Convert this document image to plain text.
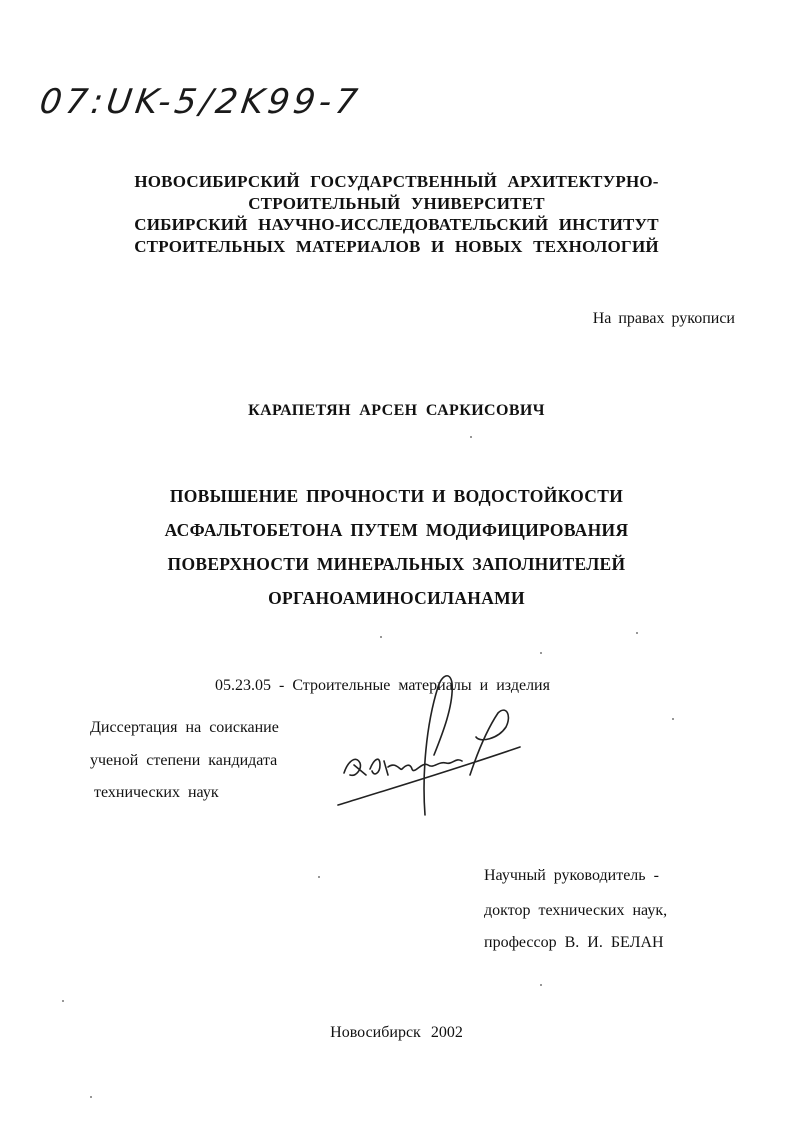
07:UK-5/2K99-7
НОВОСИБИРСКИЙ ГОСУДАРСТВЕННЫЙ АРХИТЕКТУРНО-
СТРОИТЕЛЬНЫЙ УНИВЕРСИТЕТ
СИБИРСКИЙ НАУЧНО-ИССЛЕДОВАТЕЛЬСКИЙ ИНСТИТУТ
СТРОИТЕЛЬНЫХ МАТЕРИАЛОВ И НОВЫХ ТЕХНОЛОГИЙ
На правах рукописи
КАРАПЕТЯН АРСЕН САРКИСОВИЧ
ПОВЫШЕНИЕ ПРОЧНОСТИ И ВОДОСТОЙКОСТИ
АСФАЛЬТОБЕТОНА ПУТЕМ МОДИФИЦИРОВАНИЯ
ПОВЕРХНОСТИ МИНЕРАЛЬНЫХ ЗАПОЛНИТЕЛЕЙ
ОРГАНОАМИНОСИЛАНАМИ
05.23.05 - Строительные материалы и изделия
Диссертация на соискание
ученой степени кандидата
технических наук
Научный руководитель -
доктор технических наук,
профессор В. И. БЕЛАН
Новосибирск 2002
